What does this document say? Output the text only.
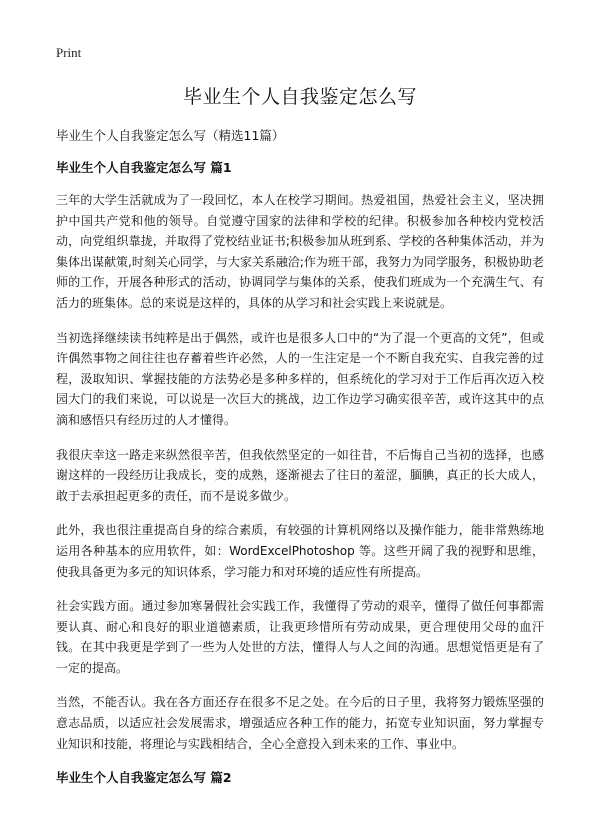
Print
毕业生个人自我鉴定怎么写

毕业生个人自我鉴定怎么写（精选11篇）

毕业生个人自我鉴定怎么写 篇1

三年的大学生活就成为了一段回忆，本人在校学习期间。热爱祖国，热爱社会主义，坚决拥护中国共产党和他的领导。自觉遵守国家的法律和学校的纪律。积极参加各种校内党校活动，向党组织靠拢，并取得了党校结业证书;积极参加从班到系、学校的各种集体活动，并为集体出谋献策,时刻关心同学，与大家关系融洽;作为班干部，我努力为同学服务，积极协助老师的工作，开展各种形式的活动，协调同学与集体的关系，使我们班成为一个充满生气、有活力的班集体。总的来说是这样的，具体的从学习和社会实践上来说就是。

当初选择继续读书纯粹是出于偶然，或许也是很多人口中的“为了混一个更高的文凭”，但或许偶然事物之间往往也存蓄着些许必然，人的一生注定是一个不断自我充实、自我完善的过程，汲取知识、掌握技能的方法势必是多种多样的，但系统化的学习对于工作后再次迈入校园大门的我们来说，可以说是一次巨大的挑战，边工作边学习确实很辛苦，或许这其中的点滴和感悟只有经历过的人才懂得。

我很庆幸这一路走来纵然很辛苦，但我依然坚定的一如往昔，不后悔自己当初的选择，也感谢这样的一段经历让我成长，变的成熟，逐渐褪去了往日的羞涩，腼腆，真正的长大成人，敢于去承担起更多的责任，而不是说多做少。

此外，我也很注重提高自身的综合素质，有较强的计算机网络以及操作能力，能非常熟练地运用各种基本的应用软件，如：WordExcelPhotoshop 等。这些开阔了我的视野和思维，使我具备更为多元的知识体系，学习能力和对环境的适应性有所提高。

社会实践方面。通过参加寒暑假社会实践工作，我懂得了劳动的艰辛，懂得了做任何事都需要认真、耐心和良好的职业道德素质，让我更珍惜所有劳动成果，更合理使用父母的血汗钱。在其中我更是学到了一些为人处世的方法，懂得人与人之间的沟通。思想觉悟更是有了一定的提高。

当然，不能否认。我在各方面还存在很多不足之处。在今后的日子里，我将努力锻炼坚强的意志品质，以适应社会发展需求，增强适应各种工作的能力，拓宽专业知识面，努力掌握专业知识和技能，将理论与实践相结合，全心全意投入到未来的工作、事业中。

毕业生个人自我鉴定怎么写 篇2
